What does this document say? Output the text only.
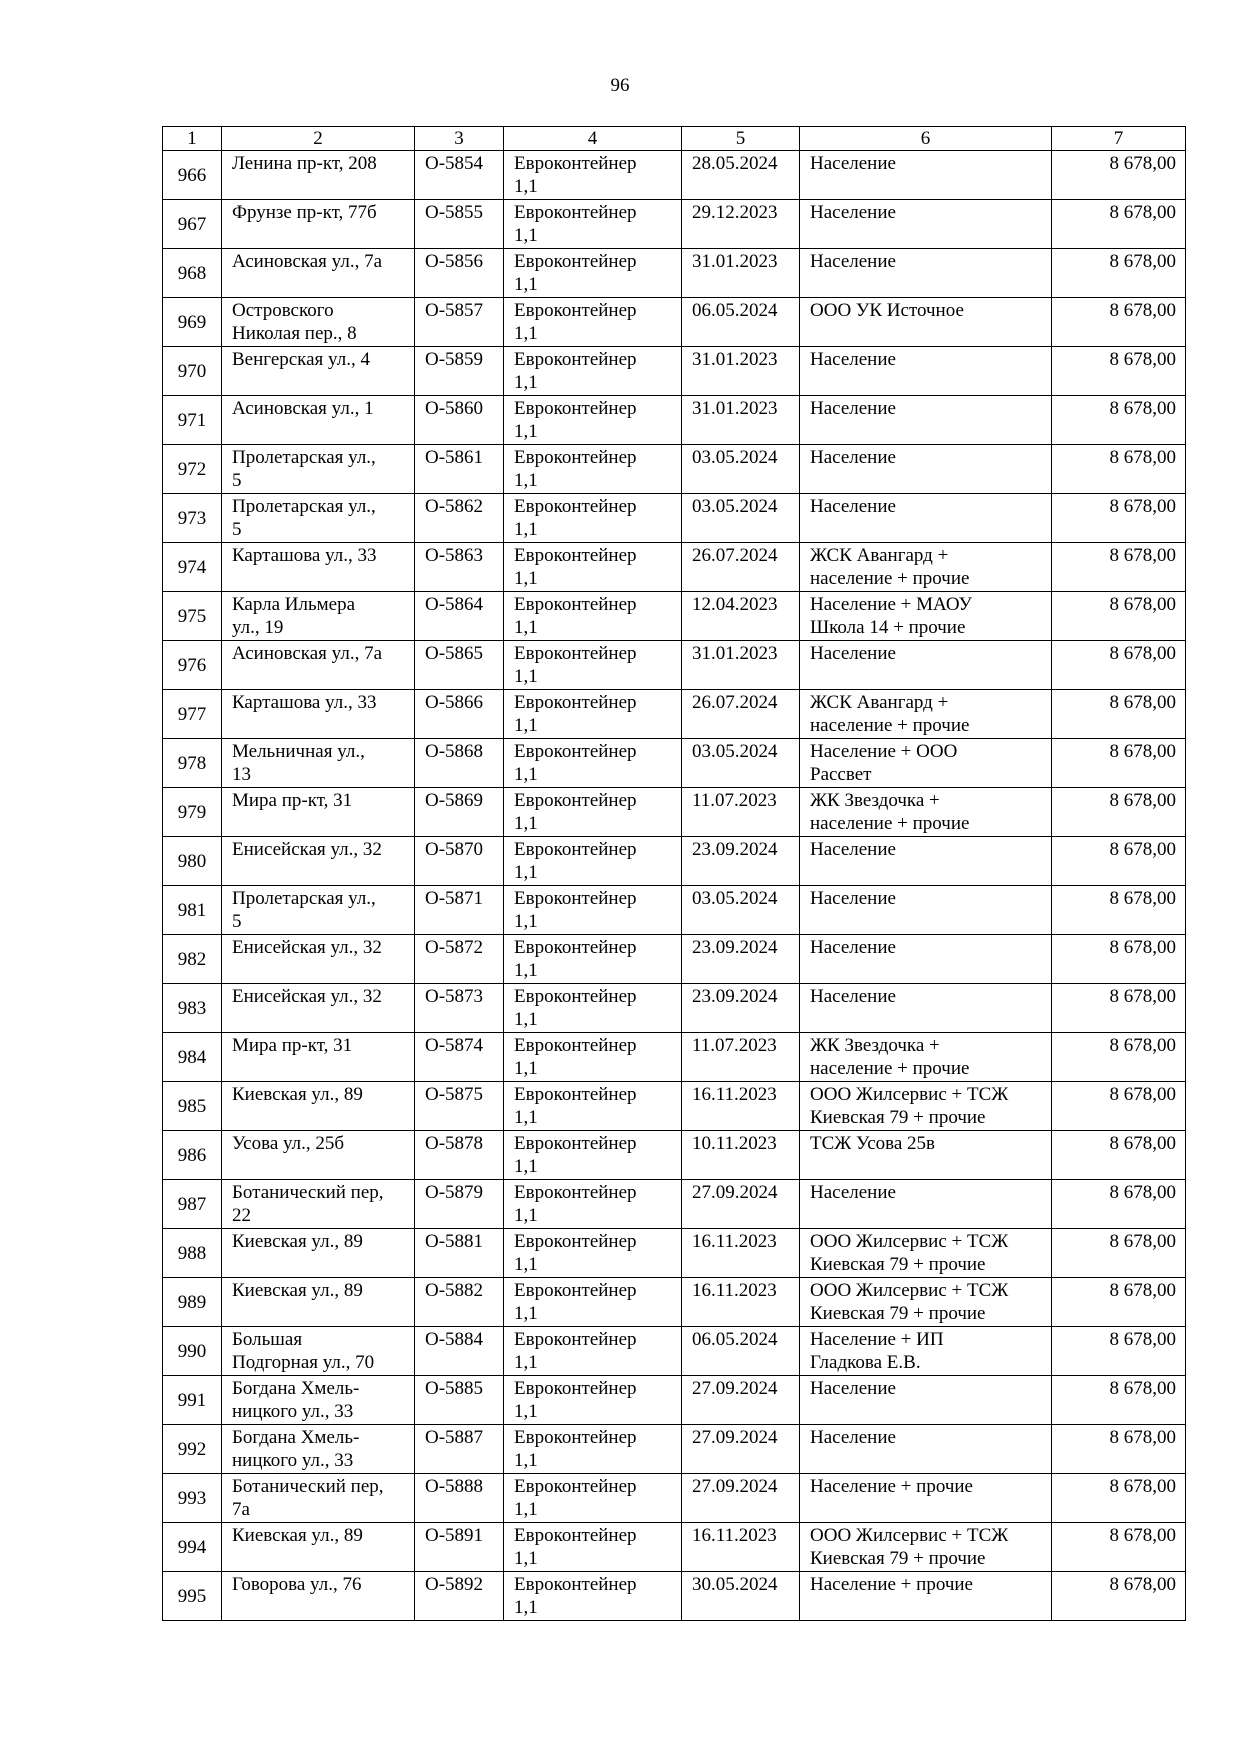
96
1	2	3	4	5	6	7
966	Ленина пр-кт, 208	О-5854	Евроконтейнер
1,1	28.05.2024	Население	8 678,00
967	Фрунзе пр-кт, 77б	О-5855	Евроконтейнер
1,1	29.12.2023	Население	8 678,00
968	Асиновская ул., 7а	О-5856	Евроконтейнер
1,1	31.01.2023	Население	8 678,00
969	Островского
Николая пер., 8	О-5857	Евроконтейнер
1,1	06.05.2024	ООО УК Источное	8 678,00
970	Венгерская ул., 4	О-5859	Евроконтейнер
1,1	31.01.2023	Население	8 678,00
971	Асиновская ул., 1	О-5860	Евроконтейнер
1,1	31.01.2023	Население	8 678,00
972	Пролетарская ул.,
5	О-5861	Евроконтейнер
1,1	03.05.2024	Население	8 678,00
973	Пролетарская ул.,
5	О-5862	Евроконтейнер
1,1	03.05.2024	Население	8 678,00
974	Карташова ул., 33	О-5863	Евроконтейнер
1,1	26.07.2024	ЖСК Авангард +
население + прочие	8 678,00
975	Карла Ильмера
ул., 19	О-5864	Евроконтейнер
1,1	12.04.2023	Население + МАОУ
Школа 14 + прочие	8 678,00
976	Асиновская ул., 7а	О-5865	Евроконтейнер
1,1	31.01.2023	Население	8 678,00
977	Карташова ул., 33	О-5866	Евроконтейнер
1,1	26.07.2024	ЖСК Авангард +
население + прочие	8 678,00
978	Мельничная ул.,
13	О-5868	Евроконтейнер
1,1	03.05.2024	Население + ООО
Рассвет	8 678,00
979	Мира пр-кт, 31	О-5869	Евроконтейнер
1,1	11.07.2023	ЖК Звездочка +
население + прочие	8 678,00
980	Енисейская ул., 32	О-5870	Евроконтейнер
1,1	23.09.2024	Население	8 678,00
981	Пролетарская ул.,
5	О-5871	Евроконтейнер
1,1	03.05.2024	Население	8 678,00
982	Енисейская ул., 32	О-5872	Евроконтейнер
1,1	23.09.2024	Население	8 678,00
983	Енисейская ул., 32	О-5873	Евроконтейнер
1,1	23.09.2024	Население	8 678,00
984	Мира пр-кт, 31	О-5874	Евроконтейнер
1,1	11.07.2023	ЖК Звездочка +
население + прочие	8 678,00
985	Киевская ул., 89	О-5875	Евроконтейнер
1,1	16.11.2023	ООО Жилсервис + ТСЖ
Киевская 79 + прочие	8 678,00
986	Усова ул., 25б	О-5878	Евроконтейнер
1,1	10.11.2023	ТСЖ Усова 25в	8 678,00
987	Ботанический пер,
22	О-5879	Евроконтейнер
1,1	27.09.2024	Население	8 678,00
988	Киевская ул., 89	О-5881	Евроконтейнер
1,1	16.11.2023	ООО Жилсервис + ТСЖ
Киевская 79 + прочие	8 678,00
989	Киевская ул., 89	О-5882	Евроконтейнер
1,1	16.11.2023	ООО Жилсервис + ТСЖ
Киевская 79 + прочие	8 678,00
990	Большая
Подгорная ул., 70	О-5884	Евроконтейнер
1,1	06.05.2024	Население + ИП
Гладкова Е.В.	8 678,00
991	Богдана Хмель-
ницкого ул., 33	О-5885	Евроконтейнер
1,1	27.09.2024	Население	8 678,00
992	Богдана Хмель-
ницкого ул., 33	О-5887	Евроконтейнер
1,1	27.09.2024	Население	8 678,00
993	Ботанический пер,
7а	О-5888	Евроконтейнер
1,1	27.09.2024	Население + прочие	8 678,00
994	Киевская ул., 89	О-5891	Евроконтейнер
1,1	16.11.2023	ООО Жилсервис + ТСЖ
Киевская 79 + прочие	8 678,00
995	Говорова ул., 76	О-5892	Евроконтейнер
1,1	30.05.2024	Население + прочие	8 678,00
